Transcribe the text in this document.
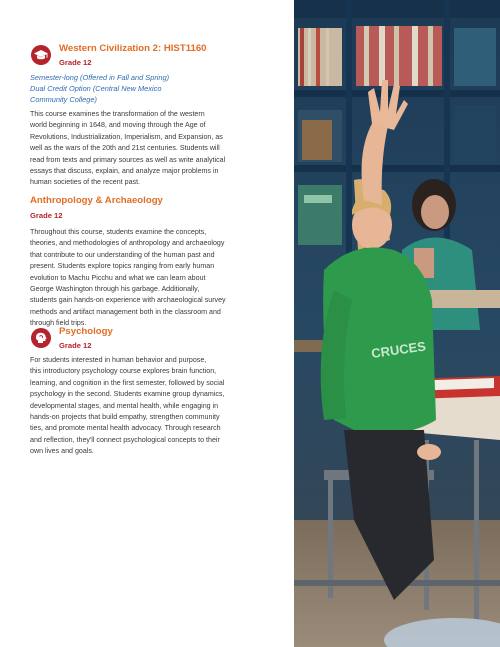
Western Civilization 2: HIST1160
Grade 12
Semester-long (Offered in Fall and Spring)
Dual Credit Option (Central New Mexico
Community College)
This course examines the transformation of the western
world beginning in 1648, and moving through the Age of
Revolutions, Industrialization, Imperialism, and Expansion, as
well as the wars of the 20th and 21st centuries. Students will
read from texts and primary sources as well as write analytical
essays that discuss, explain, and analyze major problems in
human societies of the recent past.
Anthropology & Archaeology
Grade 12
Throughout this course, students examine the concepts,
theories, and methodologies of anthropology and archaeology
that contribute to our understanding of the human past and
present. Students explore topics ranging from early human
evolution to Machu Picchu and what we can learn about
George Washington through his garbage. Additionally,
students gain hands-on experience with archaeological survey
methods and artifact management both in the classroom and
through field trips.
Psychology
Grade 12
For students interested in human behavior and purpose,
this introductory psychology course explores brain function,
learning, and cognition in the first semester, followed by social
psychology in the second. Students examine group dynamics,
developmental stages, and mental health, while engaging in
hands-on projects that build empathy, strengthen community
ties, and promote mental health advocacy. Through research
and reflection, they'll connect psychological concepts to their
own lives and goals.
CRUCES
